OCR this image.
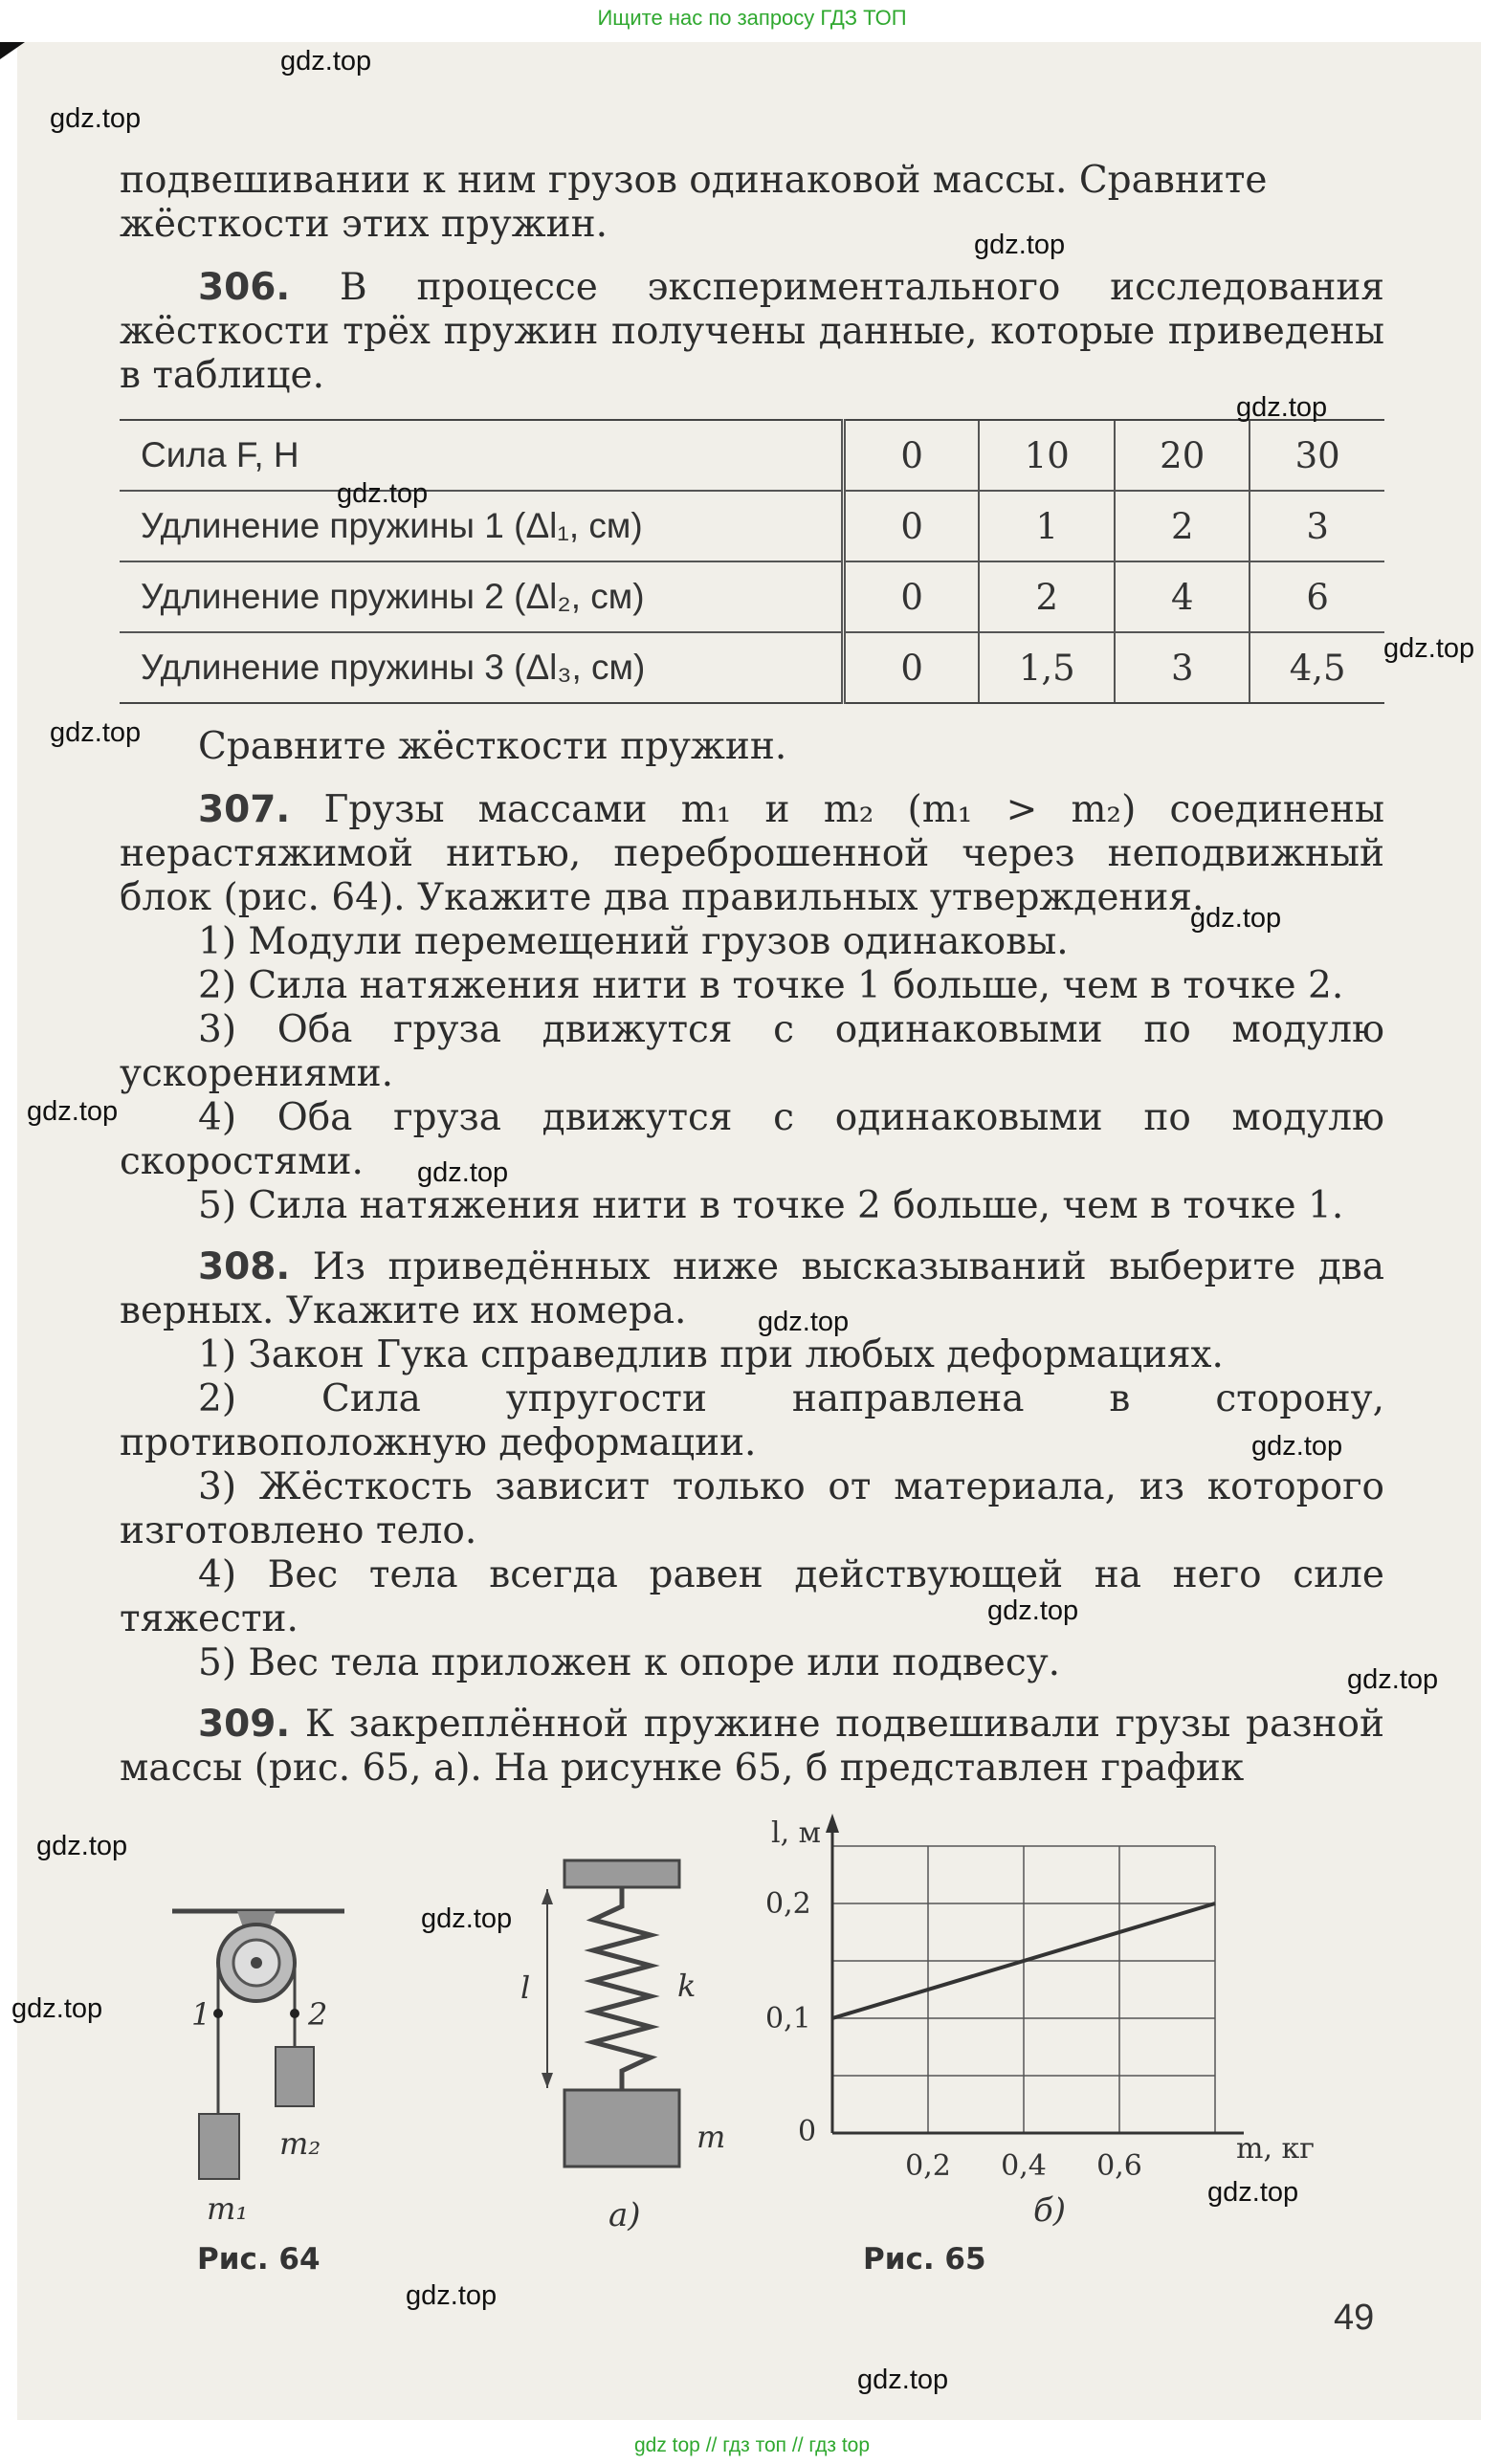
Ищите нас по запросу ГДЗ ТОП

подвешивании к ним грузов одинаковой массы. Сравните

жёсткости этих пружин.

306. В процессе экспериментального исследования жёсткости трёх пружин получены данные, которые приведены в таблице.

Сила F, Н	0	10	20	30
Удлинение пружины 1 (Δl₁, см)	0	1	2	3
Удлинение пружины 2 (Δl₂, см)	0	2	4	6
Удлинение пружины 3 (Δl₃, см)	0	1,5	3	4,5

Сравните жёсткости пружин.

307. Грузы массами m₁ и m₂ (m₁ > m₂) соединены нерастяжимой нитью, переброшенной через неподвижный блок (рис. 64). Укажите два правильных утверждения.

1) Модули перемещений грузов одинаковы.

2) Сила натяжения нити в точке 1 больше, чем в точке 2.

3) Оба груза движутся с одинаковыми по модулю ускорениями.

4) Оба груза движутся с одинаковыми по модулю скоростями.

5) Сила натяжения нити в точке 2 больше, чем в точке 1.

308. Из приведённых ниже высказываний выберите два верных. Укажите их номера.

1) Закон Гука справедлив при любых деформациях.

2) Сила упругости направлена в сторону, противоположную деформации.

3) Жёсткость зависит только от материала, из которого изготовлено тело.

4) Вес тела всегда равен действующей на него силе тяжести.

5) Вес тела приложен к опоре или подвесу.

309. К закреплённой пружине подвешивали грузы разной массы (рис. 65, а). На рисунке 65, б представлен график

1	2
m₂
m₁
Рис. 64
l	k
m
а)
l, м
m, кг
0
0,1
0,2
0,2 0,4 0,6
б)
Рис. 65
49
gdz.top
gdz.top
gdz.top
gdz.top
gdz.top
gdz.top
gdz.top
gdz.top
gdz.top
gdz.top
gdz.top
gdz.top
gdz.top
gdz.top
gdz.top
gdz.top
gdz.top
gdz.top
gdz.top
gdz.top
gdz top // гдз топ // гдз top
